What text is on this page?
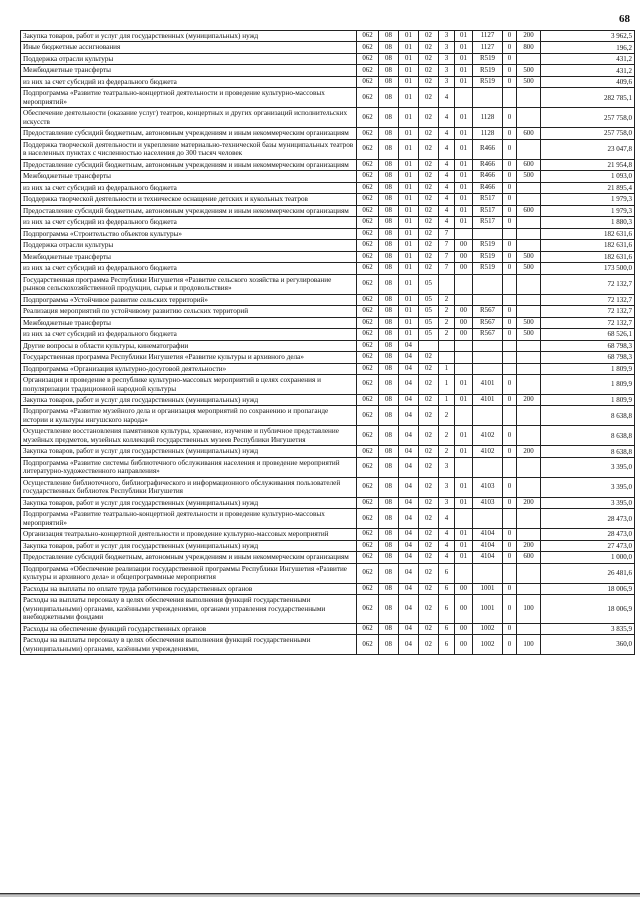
68
Закупка товаров, работ и услуг для государственных (муниципальных) нужд	062	08	01	02	3	01	1127	0	200	3 962,5
Иные бюджетные ассигнования	062	08	01	02	3	01	1127	0	800	196,2
Поддержка отрасли культуры	062	08	01	02	3	01	R519	0		431,2
Межбюджетные трансферты	062	08	01	02	3	01	R519	0	500	431,2
из них за счет субсидий из федерального бюджета	062	08	01	02	3	01	R519	0	500	409,6
Подпрограмма «Развитие театрально-концертной деятельности и проведение культурно-массовых мероприятий»	062	08	01	02	4					282 785,1
Обеспечение деятельности (оказание услуг) театров, концертных и других организаций исполнительских искусств	062	08	01	02	4	01	1128	0		257 758,0
Предоставление субсидий бюджетным, автономным учреждениям и иным некоммерческим организациям	062	08	01	02	4	01	1128	0	600	257 758,0
Поддержка творческой деятельности и укрепление материально-технической базы муниципальных театров в населенных пунктах с численностью населения до 300 тысяч человек	062	08	01	02	4	01	R466	0		23 047,8
Предоставление субсидий бюджетным, автономным учреждениям и иным некоммерческим организациям	062	08	01	02	4	01	R466	0	600	21 954,8
Межбюджетные трансферты	062	08	01	02	4	01	R466	0	500	1 093,0
из них за счет субсидий из федерального бюджета	062	08	01	02	4	01	R466	0		21 895,4
Поддержка творческой деятельности и техническое оснащение детских и кукольных театров	062	08	01	02	4	01	R517	0		1 979,3
Предоставление субсидий бюджетным, автономным учреждениям и иным некоммерческим организациям	062	08	01	02	4	01	R517	0	600	1 979,3
из них за счет субсидий из федерального бюджета	062	08	01	02	4	01	R517	0		1 880,3
Подпрограмма «Строительство объектов культуры»	062	08	01	02	7					182 631,6
Поддержка отрасли культуры	062	08	01	02	7	00	R519	0		182 631,6
Межбюджетные трансферты	062	08	01	02	7	00	R519	0	500	182 631,6
из них за счет субсидий из федерального бюджета	062	08	01	02	7	00	R519	0	500	173 500,0
Государственная программа Республики Ингушетия «Развитие сельского хозяйства и регулирование рынков сельскохозяйственной продукции, сырья и продовольствия»	062	08	01	05						72 132,7
Подпрограмма «Устойчивое развитие сельских территорий»	062	08	01	05	2					72 132,7
Реализация мероприятий по устойчивому развитию сельских территорий	062	08	01	05	2	00	R567	0		72 132,7
Межбюджетные трансферты	062	08	01	05	2	00	R567	0	500	72 132,7
из них за счет субсидий из федерального бюджета	062	08	01	05	2	00	R567	0	500	68 526,1
Другие вопросы в области культуры, кинематографии	062	08	04							68 798,3
Государственная программа Республики Ингушетия «Развитие культуры и архивного дела»	062	08	04	02						68 798,3
Подпрограмма «Организация культурно-досуговой деятельности»	062	08	04	02	1					1 809,9
Организация и проведение в республике культурно-массовых мероприятий в целях сохранения и популяризации традиционной народной культуры	062	08	04	02	1	01	4101	0		1 809,9
Закупка товаров, работ и услуг для государственных (муниципальных) нужд	062	08	04	02	1	01	4101	0	200	1 809,9
Подпрограмма «Развитие музейного дела и организация мероприятий по сохранению и пропаганде истории и культуры ингушского народа»	062	08	04	02	2					8 638,8
Осуществление восстановления памятников культуры, хранение, изучение и публичное представление музейных предметов, музейных коллекций государственных музеев Республики Ингушетия	062	08	04	02	2	01	4102	0		8 638,8
Закупка товаров, работ и услуг для государственных (муниципальных) нужд	062	08	04	02	2	01	4102	0	200	8 638,8
Подпрограмма «Развитие системы библиотечного обслуживания населения и проведение мероприятий литературно-художественного направления»	062	08	04	02	3					3 395,0
Осуществление библиотечного, библиографического и информационного обслуживания пользователей государственных библиотек Республики Ингушетия	062	08	04	02	3	01	4103	0		3 395,0
Закупка товаров, работ и услуг для государственных (муниципальных) нужд	062	08	04	02	3	01	4103	0	200	3 395,0
Подпрограмма «Развитие театрально-концертной деятельности и проведение культурно-массовых мероприятий»	062	08	04	02	4					28 473,0
Организация театрально-концертной деятельности и проведение культурно-массовых мероприятий	062	08	04	02	4	01	4104	0		28 473,0
Закупка товаров, работ и услуг для государственных (муниципальных) нужд	062	08	04	02	4	01	4104	0	200	27 473,0
Предоставление субсидий бюджетным, автономным учреждениям и иным некоммерческим организациям	062	08	04	02	4	01	4104	0	600	1 000,0
Подпрограмма «Обеспечение реализации государственной программы Республики Ингушетия «Развитие культуры и архивного дела» и общепрограммные мероприятия	062	08	04	02	6					26 481,6
Расходы на выплаты по оплате труда работников государственных органов	062	08	04	02	6	00	1001	0		18 006,9
Расходы на выплаты персоналу в целях обеспечения выполнения функций государственными (муниципальными) органами, казёнными учреждениями, органами управления государственными внебюджетными фондами	062	08	04	02	6	00	1001	0	100	18 006,9
Расходы на обеспечение функций государственных органов	062	08	04	02	6	00	1002	0		3 835,9
Расходы на выплаты персоналу в целях обеспечения выполнения функций государственными (муниципальными) органами, казёнными учреждениями,	062	08	04	02	6	00	1002	0	100	360,0
